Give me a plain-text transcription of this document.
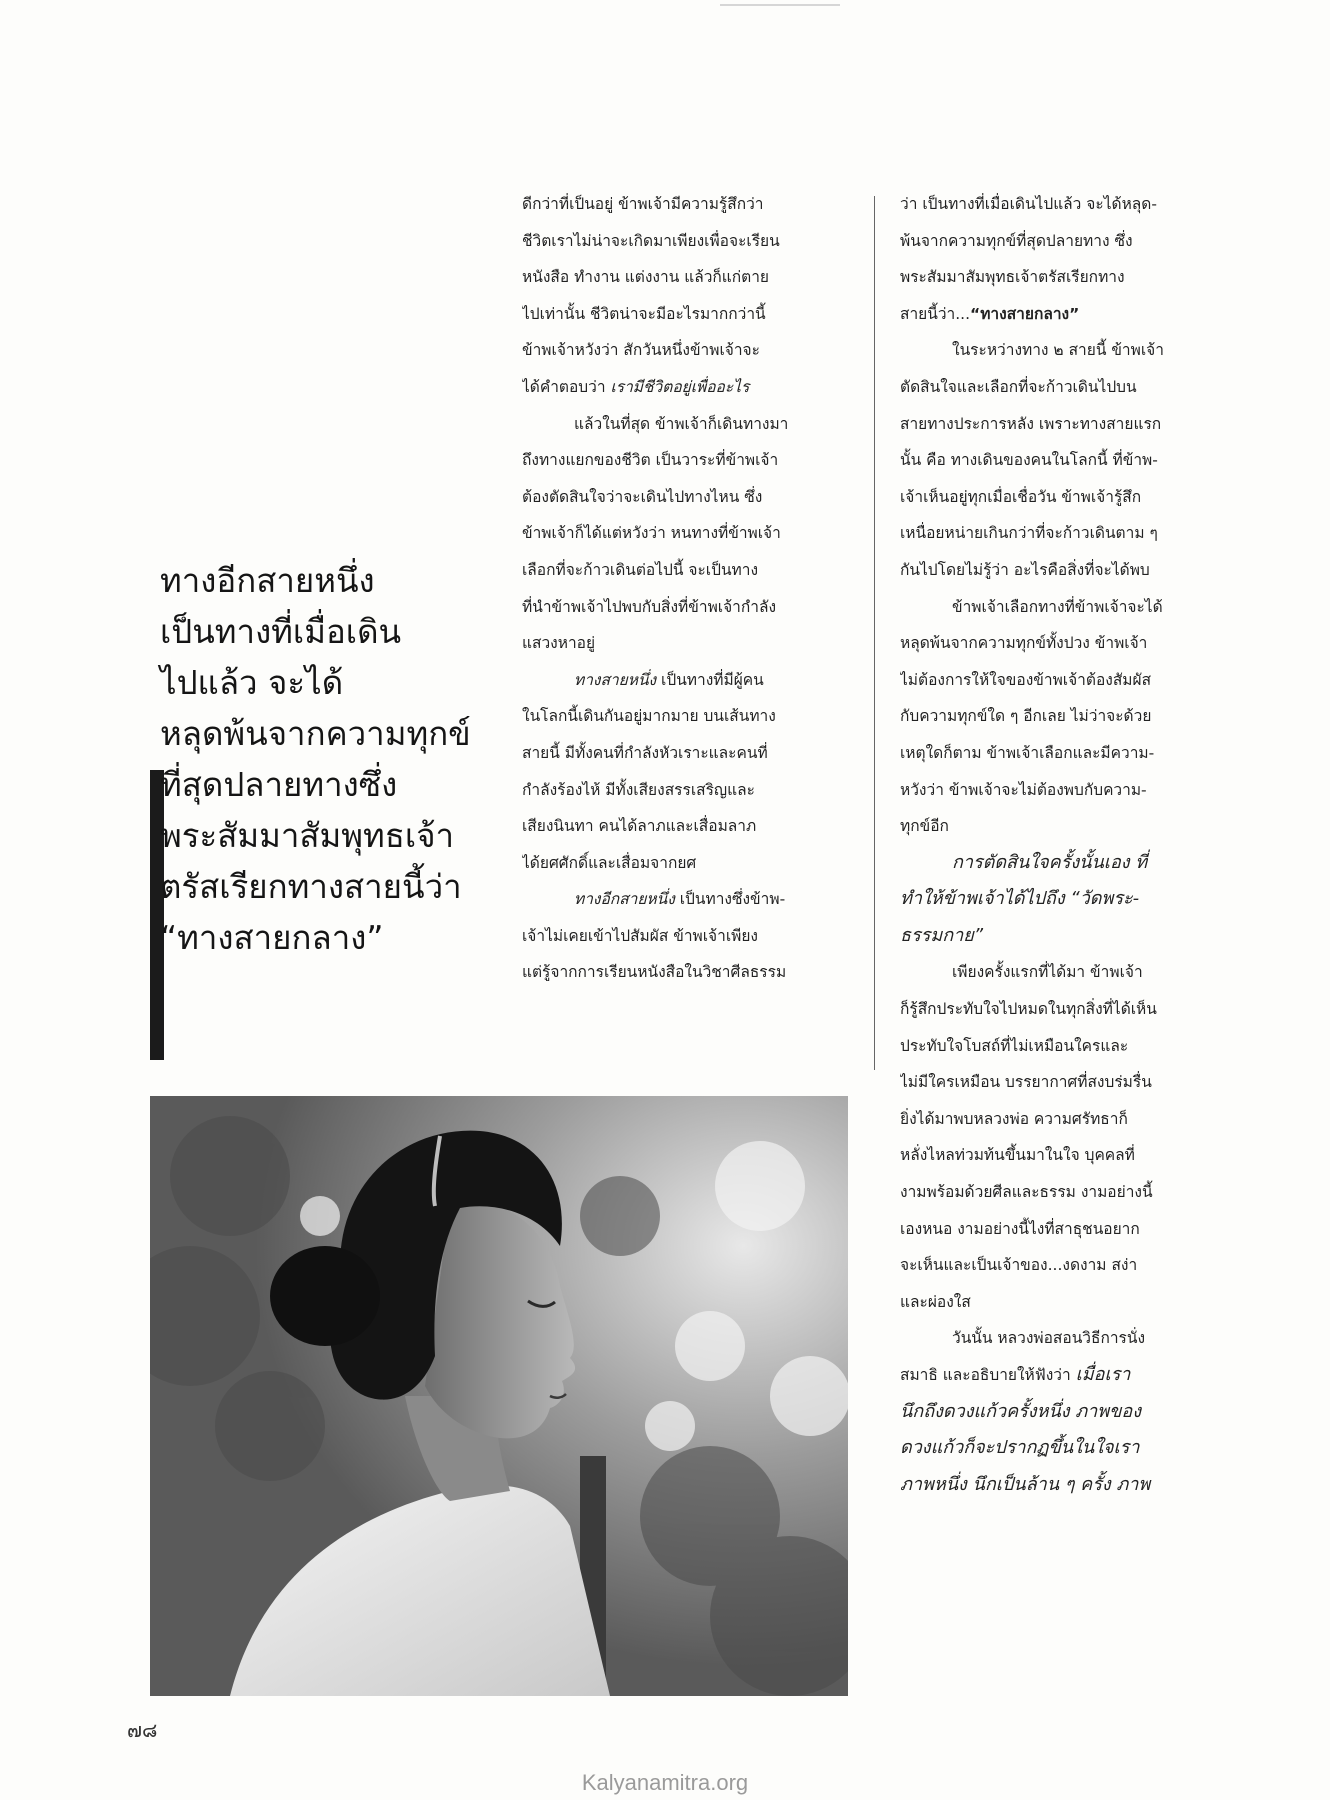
ทางอีกสายหนึ่ง
เป็นทางที่เมื่อเดิน
ไปแล้ว จะได้
หลุดพ้นจากความทุกข์
ที่สุดปลายทางซึ่ง
พระสัมมาสัมพุทธเจ้า
ตรัสเรียกทางสายนี้ว่า
“ทางสายกลาง”
ดีกว่าที่เป็นอยู่ ข้าพเจ้ามีความรู้สึกว่า
ชีวิตเราไม่น่าจะเกิดมาเพียงเพื่อจะเรียน
หนังสือ ทำงาน แต่งงาน แล้วก็แก่ตาย
ไปเท่านั้น ชีวิตน่าจะมีอะไรมากกว่านี้
ข้าพเจ้าหวังว่า สักวันหนึ่งข้าพเจ้าจะ
ได้คำตอบว่า เรามีชีวิตอยู่เพื่ออะไร
แล้วในที่สุด ข้าพเจ้าก็เดินทางมา
ถึงทางแยกของชีวิต เป็นวาระที่ข้าพเจ้า
ต้องตัดสินใจว่าจะเดินไปทางไหน ซึ่ง
ข้าพเจ้าก็ได้แต่หวังว่า หนทางที่ข้าพเจ้า
เลือกที่จะก้าวเดินต่อไปนี้ จะเป็นทาง
ที่นำข้าพเจ้าไปพบกับสิ่งที่ข้าพเจ้ากำลัง
แสวงหาอยู่
ทางสายหนึ่ง เป็นทางที่มีผู้คน
ในโลกนี้เดินกันอยู่มากมาย บนเส้นทาง
สายนี้ มีทั้งคนที่กำลังหัวเราะและคนที่
กำลังร้องไห้ มีทั้งเสียงสรรเสริญและ
เสียงนินทา คนได้ลาภและเสื่อมลาภ
ได้ยศศักดิ์และเสื่อมจากยศ
ทางอีกสายหนึ่ง เป็นทางซึ่งข้าพ-
เจ้าไม่เคยเข้าไปสัมผัส ข้าพเจ้าเพียง
แต่รู้จากการเรียนหนังสือในวิชาศีลธรรม
ว่า เป็นทางที่เมื่อเดินไปแล้ว จะได้หลุด-
พ้นจากความทุกข์ที่สุดปลายทาง ซึ่ง
พระสัมมาสัมพุทธเจ้าตรัสเรียกทาง
สายนี้ว่า...“ทางสายกลาง”
ในระหว่างทาง ๒ สายนี้ ข้าพเจ้า
ตัดสินใจและเลือกที่จะก้าวเดินไปบน
สายทางประการหลัง เพราะทางสายแรก
นั้น คือ ทางเดินของคนในโลกนี้ ที่ข้าพ-
เจ้าเห็นอยู่ทุกเมื่อเชื่อวัน ข้าพเจ้ารู้สึก
เหนื่อยหน่ายเกินกว่าที่จะก้าวเดินตาม ๆ
กันไปโดยไม่รู้ว่า อะไรคือสิ่งที่จะได้พบ
ข้าพเจ้าเลือกทางที่ข้าพเจ้าจะได้
หลุดพ้นจากความทุกข์ทั้งปวง ข้าพเจ้า
ไม่ต้องการให้ใจของข้าพเจ้าต้องสัมผัส
กับความทุกข์ใด ๆ อีกเลย ไม่ว่าจะด้วย
เหตุใดก็ตาม ข้าพเจ้าเลือกและมีความ-
หวังว่า ข้าพเจ้าจะไม่ต้องพบกับความ-
ทุกข์อีก
การตัดสินใจครั้งนั้นเอง ที่
ทำให้ข้าพเจ้าได้ไปถึง “วัดพระ-
ธรรมกาย”
เพียงครั้งแรกที่ได้มา ข้าพเจ้า
ก็รู้สึกประทับใจไปหมดในทุกสิ่งที่ได้เห็น
ประทับใจโบสถ์ที่ไม่เหมือนใครและ
ไม่มีใครเหมือน บรรยากาศที่สงบร่มรื่น
ยิ่งได้มาพบหลวงพ่อ ความศรัทธาก็
หลั่งไหลท่วมท้นขึ้นมาในใจ บุคคลที่
งามพร้อมด้วยศีลและธรรม งามอย่างนี้
เองหนอ งามอย่างนี้ไงที่สาธุชนอยาก
จะเห็นและเป็นเจ้าของ...งดงาม สง่า
และผ่องใส
วันนั้น หลวงพ่อสอนวิธีการนั่ง
สมาธิ และอธิบายให้ฟังว่า เมื่อเรา
นึกถึงดวงแก้วครั้งหนึ่ง ภาพของ
ดวงแก้วก็จะปรากฏขึ้นในใจเรา
ภาพหนึ่ง นึกเป็นล้าน ๆ ครั้ง ภาพ
๗๘
Kalyanamitra.org
